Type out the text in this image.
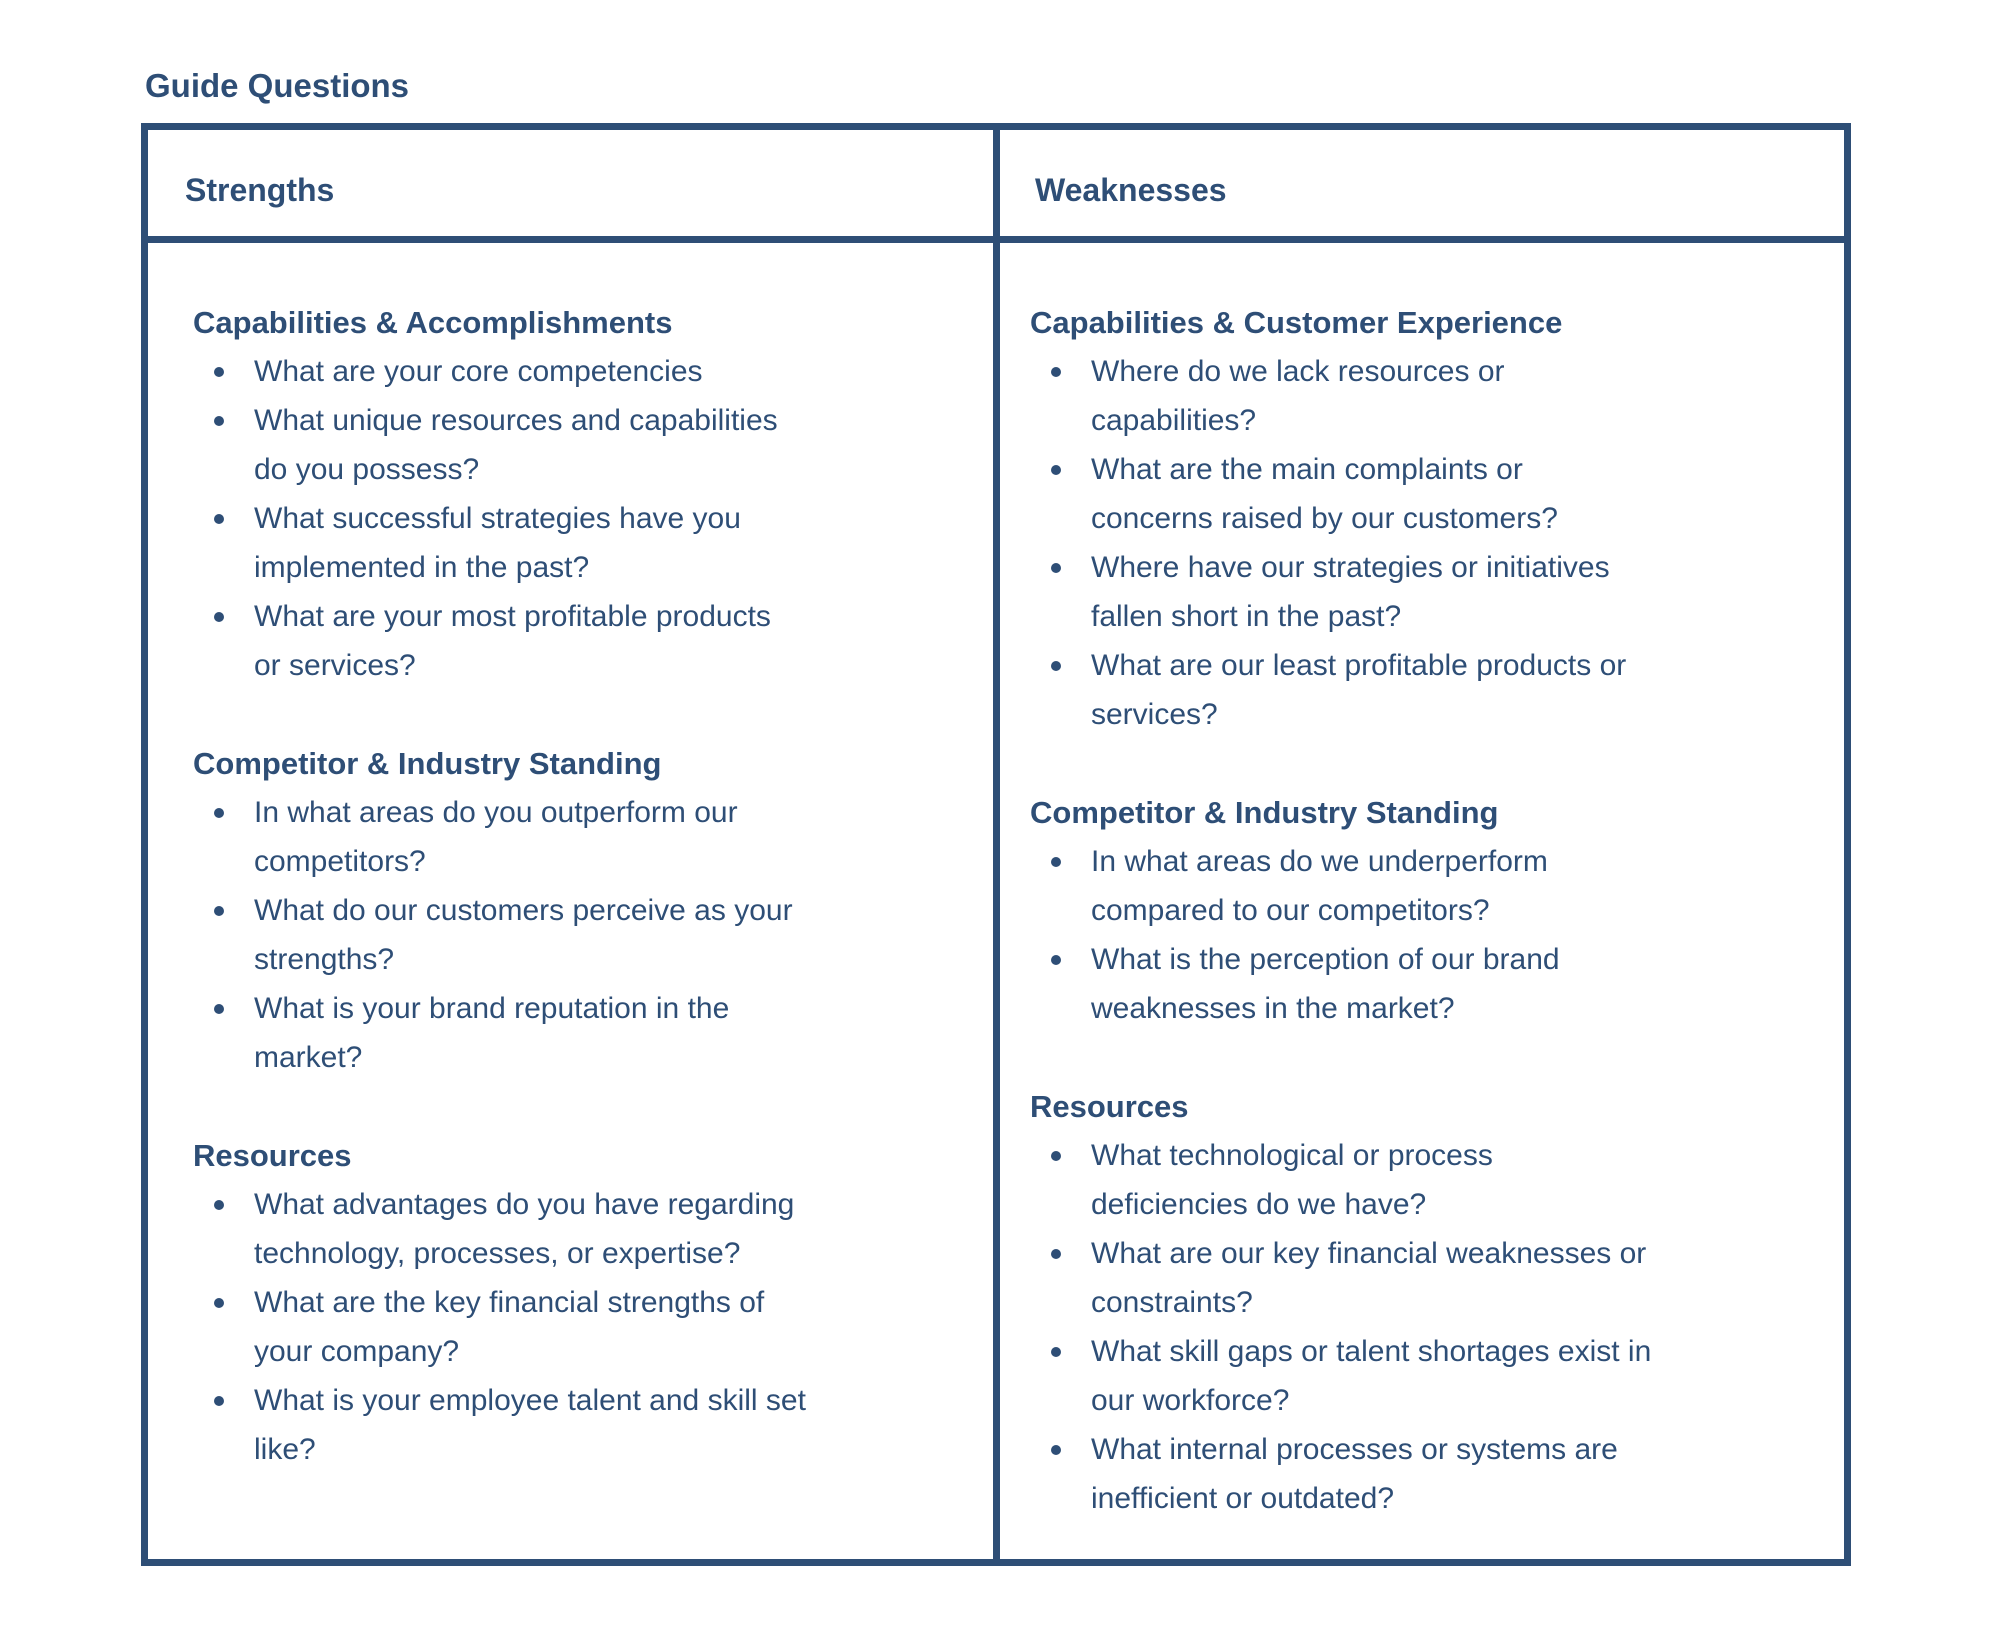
Guide Questions
Strengths	Weaknesses
Capabilities & Accomplishments
What are your core competencies
What unique resources and capabilities
do you possess?
What successful strategies have you
implemented in the past?
What are your most profitable products
or services?
Competitor & Industry Standing
In what areas do you outperform our
competitors?
What do our customers perceive as your
strengths?
What is your brand reputation in the
market?
Resources
What advantages do you have regarding
technology, processes, or expertise?
What are the key financial strengths of
your company?
What is your employee talent and skill set
like?
Capabilities & Customer Experience
Where do we lack resources or
capabilities?
What are the main complaints or
concerns raised by our customers?
Where have our strategies or initiatives
fallen short in the past?
What are our least profitable products or
services?
Competitor & Industry Standing
In what areas do we underperform
compared to our competitors?
What is the perception of our brand
weaknesses in the market?
Resources
What technological or process
deficiencies do we have?
What are our key financial weaknesses or
constraints?
What skill gaps or talent shortages exist in
our workforce?
What internal processes or systems are
inefficient or outdated?
